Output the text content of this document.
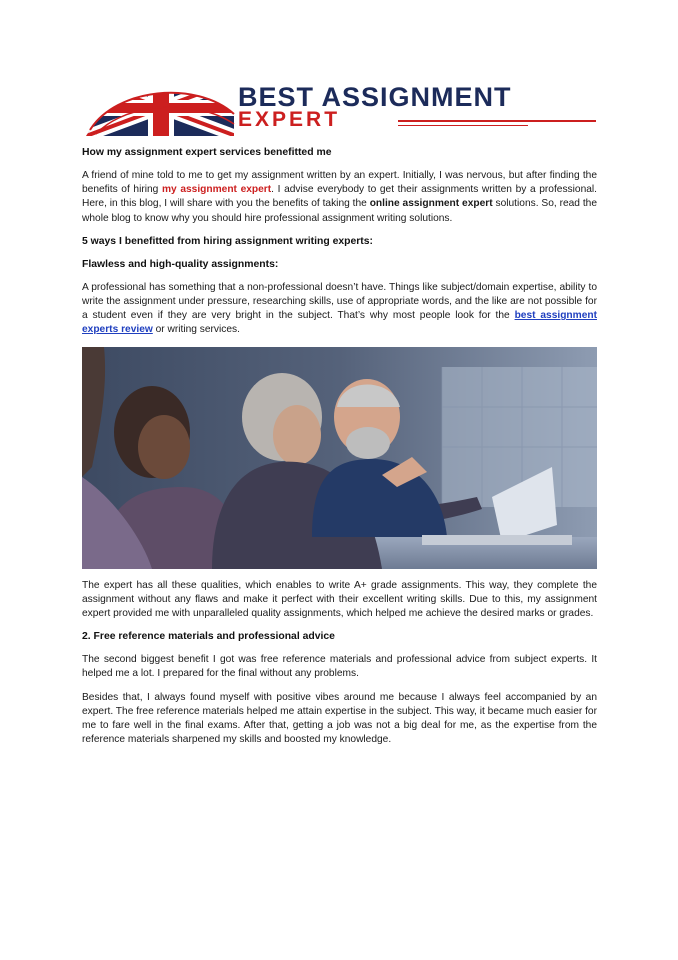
BEST ASSIGNMENT
EXPERT
How my assignment expert services benefitted me

A friend of mine told to me to get my assignment written by an expert. Initially, I was nervous, but after finding the benefits of hiring my assignment expert. I advise everybody to get their assignments written by a professional. Here, in this blog, I will share with you the benefits of taking the online assignment expert solutions. So, read the whole blog to know why you should hire professional assignment writing solutions.

5 ways I benefitted from hiring assignment writing experts:
Flawless and high-quality assignments:

A professional has something that a non-professional doesn’t have. Things like subject/domain expertise, ability to write the assignment under pressure, researching skills, use of appropriate words, and the like are not possible for a student even if they are very bright in the subject. That’s why most people look for the best assignment experts review or writing services.

The expert has all these qualities, which enables to write A+ grade assignments. This way, they complete the assignment without any flaws and make it perfect with their excellent writing skills. Due to this, my assignment expert provided me with unparalleled quality assignments, which helped me achieve the desired marks or grades.

2. Free reference materials and professional advice

The second biggest benefit I got was free reference materials and professional advice from subject experts. It helped me a lot. I prepared for the final without any problems.

Besides that, I always found myself with positive vibes around me because I always feel accompanied by an expert. The free reference materials helped me attain expertise in the subject. This way, it became much easier for me to fare well in the final exams. After that, getting a job was not a big deal for me, as the expertise from the reference materials sharpened my skills and boosted my knowledge.
